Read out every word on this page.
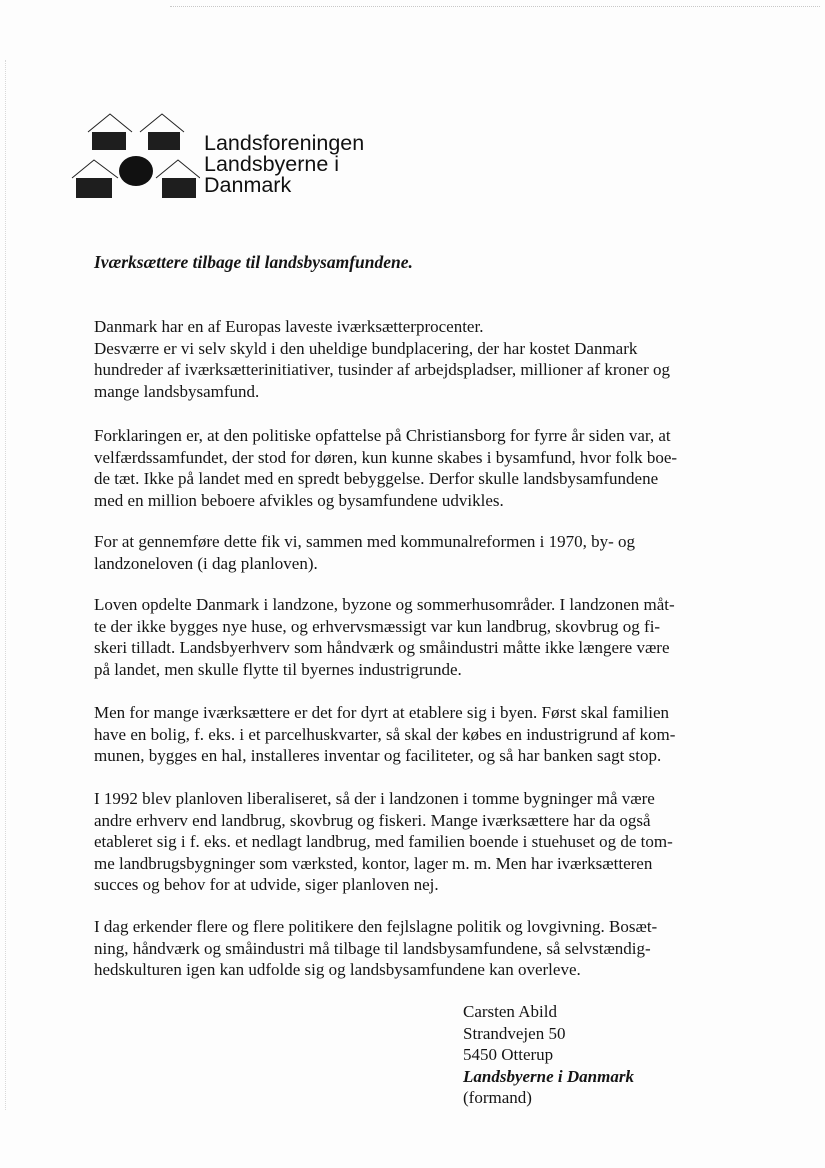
Landsforeningen
Landsbyerne i
Danmark
Iværksættere tilbage til landsbysamfundene.
Danmark har en af Europas laveste iværksætterprocenter.
Desværre er vi selv skyld i den uheldige bundplacering, der har kostet Danmark
hundreder af iværksætterinitiativer, tusinder af arbejdspladser, millioner af kroner og
mange landsbysamfund.
Forklaringen er, at den politiske opfattelse på Christiansborg for fyrre år siden var, at
velfærdssamfundet, der stod for døren, kun kunne skabes i bysamfund, hvor folk boe-
de tæt. Ikke på landet med en spredt bebyggelse. Derfor skulle landsbysamfundene
med en million beboere afvikles og bysamfundene udvikles.
For at gennemføre dette fik vi, sammen med kommunalreformen i 1970, by- og
landzoneloven (i dag planloven).
Loven opdelte Danmark i landzone, byzone og sommerhusområder. I landzonen måt-
te der ikke bygges nye huse, og erhvervsmæssigt var kun landbrug, skovbrug og fi-
skeri tilladt. Landsbyerhverv som håndværk og småindustri måtte ikke længere være
på landet, men skulle flytte til byernes industrigrunde.
Men for mange iværksættere er det for dyrt at etablere sig i byen. Først skal familien
have en bolig, f. eks. i et parcelhuskvarter, så skal der købes en industrigrund af kom-
munen, bygges en hal, installeres inventar og faciliteter, og så har banken sagt stop.
I 1992 blev planloven liberaliseret, så der i landzonen i tomme bygninger må være
andre erhverv end landbrug, skovbrug og fiskeri. Mange iværksættere har da også
etableret sig i f. eks. et nedlagt landbrug, med familien boende i stuehuset og de tom-
me landbrugsbygninger som værksted, kontor, lager m. m. Men har iværksætteren
succes og behov for at udvide, siger planloven nej.
I dag erkender flere og flere politikere den fejlslagne politik og lovgivning. Bosæt-
ning, håndværk og småindustri må tilbage til landsbysamfundene, så selvstændig-
hedskulturen igen kan udfolde sig og landsbysamfundene kan overleve.
Carsten Abild
Strandvejen 50
5450 Otterup
Landsbyerne i Danmark
(formand)
